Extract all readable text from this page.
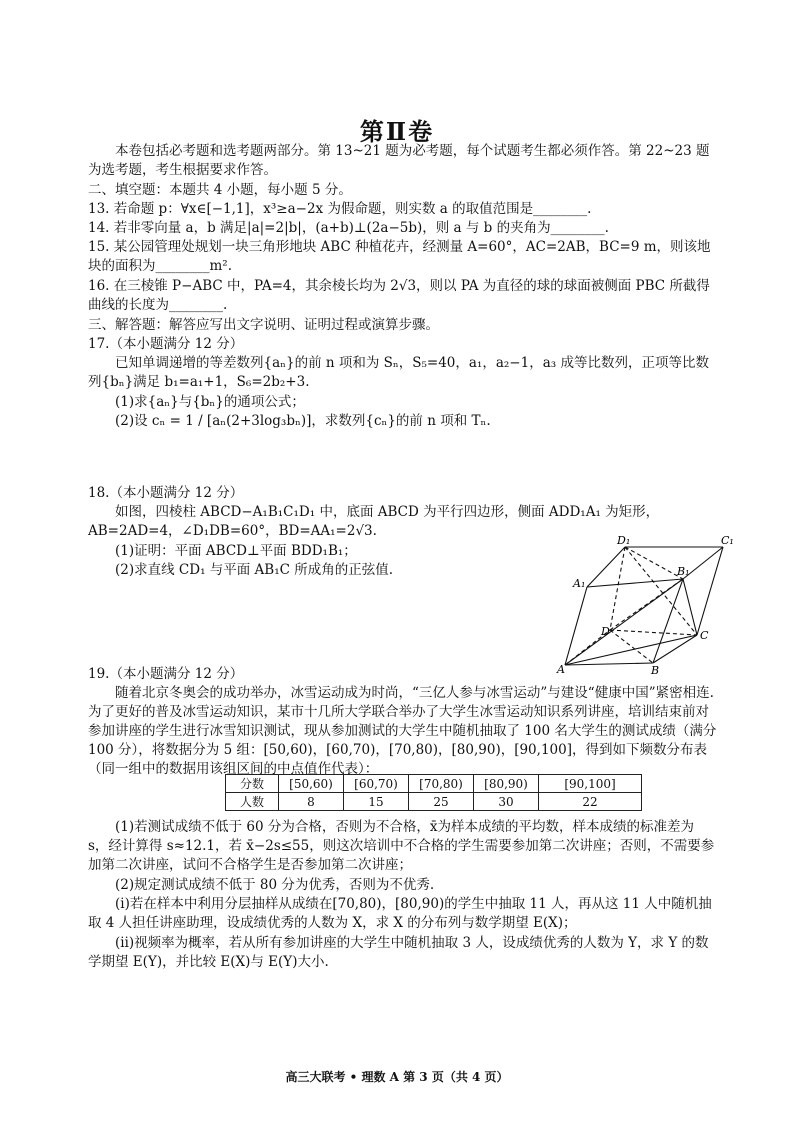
第Ⅱ卷
本卷包括必考题和选考题两部分。第 13~21 题为必考题，每个试题考生都必须作答。第 22~23 题为选考题，考生根据要求作答。
二、填空题：本题共 4 小题，每小题 5 分。
13. 若命题 p：∀x∈[−1,1]，x³≥a−2x 为假命题，则实数 a 的取值范围是________.
14. 若非零向量 a，b 满足|a|=2|b|，(a+b)⊥(2a−5b)，则 a 与 b 的夹角为________.
15. 某公园管理处规划一块三角形地块 ABC 种植花卉，经测量 A=60°，AC=2AB，BC=9 m，则该地块的面积为________m².
16. 在三棱锥 P−ABC 中，PA=4，其余棱长均为 2√3，则以 PA 为直径的球的球面被侧面 PBC 所截得曲线的长度为________.
三、解答题：解答应写出文字说明、证明过程或演算步骤。
17.（本小题满分 12 分）
已知单调递增的等差数列{aₙ}的前 n 项和为 Sₙ，S₅=40，a₁，a₂−1，a₃ 成等比数列，正项等比数列{bₙ}满足 b₁=a₁+1，S₆=2b₂+3.
(1)求{aₙ}与{bₙ}的通项公式；
(2)设 cₙ = 1 / [aₙ(2+3log₃bₙ)]，求数列{cₙ}的前 n 项和 Tₙ.
18.（本小题满分 12 分）
如图，四棱柱 ABCD−A₁B₁C₁D₁ 中，底面 ABCD 为平行四边形，侧面 ADD₁A₁ 为矩形，AB=2AD=4，∠D₁DB=60°，BD=AA₁=2√3.
(1)证明：平面 ABCD⊥平面 BDD₁B₁；
(2)求直线 CD₁ 与平面 AB₁C 所成角的正弦值.
D₁	C₁
A₁
B₁
D	C
A	B
19.（本小题满分 12 分）
随着北京冬奥会的成功举办，冰雪运动成为时尚，“三亿人参与冰雪运动”与建设“健康中国”紧密相连. 为了更好的普及冰雪运动知识，某市十几所大学联合举办了大学生冰雪运动知识系列讲座，培训结束前对参加讲座的学生进行冰雪知识测试，现从参加测试的大学生中随机抽取了 100 名大学生的测试成绩（满分 100 分），将数据分为 5 组：[50,60)，[60,70)，[70,80)，[80,90)，[90,100]，得到如下频数分布表（同一组中的数据用该组区间的中点值作代表）：
分数	[50,60)	[60,70)	[70,80)	[80,90)	[90,100]
人数	8	15	25	30	22
(1)若测试成绩不低于 60 分为合格，否则为不合格，x̄为样本成绩的平均数，样本成绩的标准差为 s，经计算得 s≈12.1，若 x̄−2s≤55，则这次培训中不合格的学生需要参加第二次讲座；否则，不需要参加第二次讲座，试问不合格学生是否参加第二次讲座；
(2)规定测试成绩不低于 80 分为优秀，否则为不优秀.
(ⅰ)若在样本中利用分层抽样从成绩在[70,80)，[80,90)的学生中抽取 11 人，再从这 11 人中随机抽取 4 人担任讲座助理，设成绩优秀的人数为 X，求 X 的分布列与数学期望 E(X)；
(ⅱ)视频率为概率，若从所有参加讲座的大学生中随机抽取 3 人，设成绩优秀的人数为 Y，求 Y 的数学期望 E(Y)，并比较 E(X)与 E(Y)大小.
高三大联考 • 理数 A 第 3 页（共 4 页）
